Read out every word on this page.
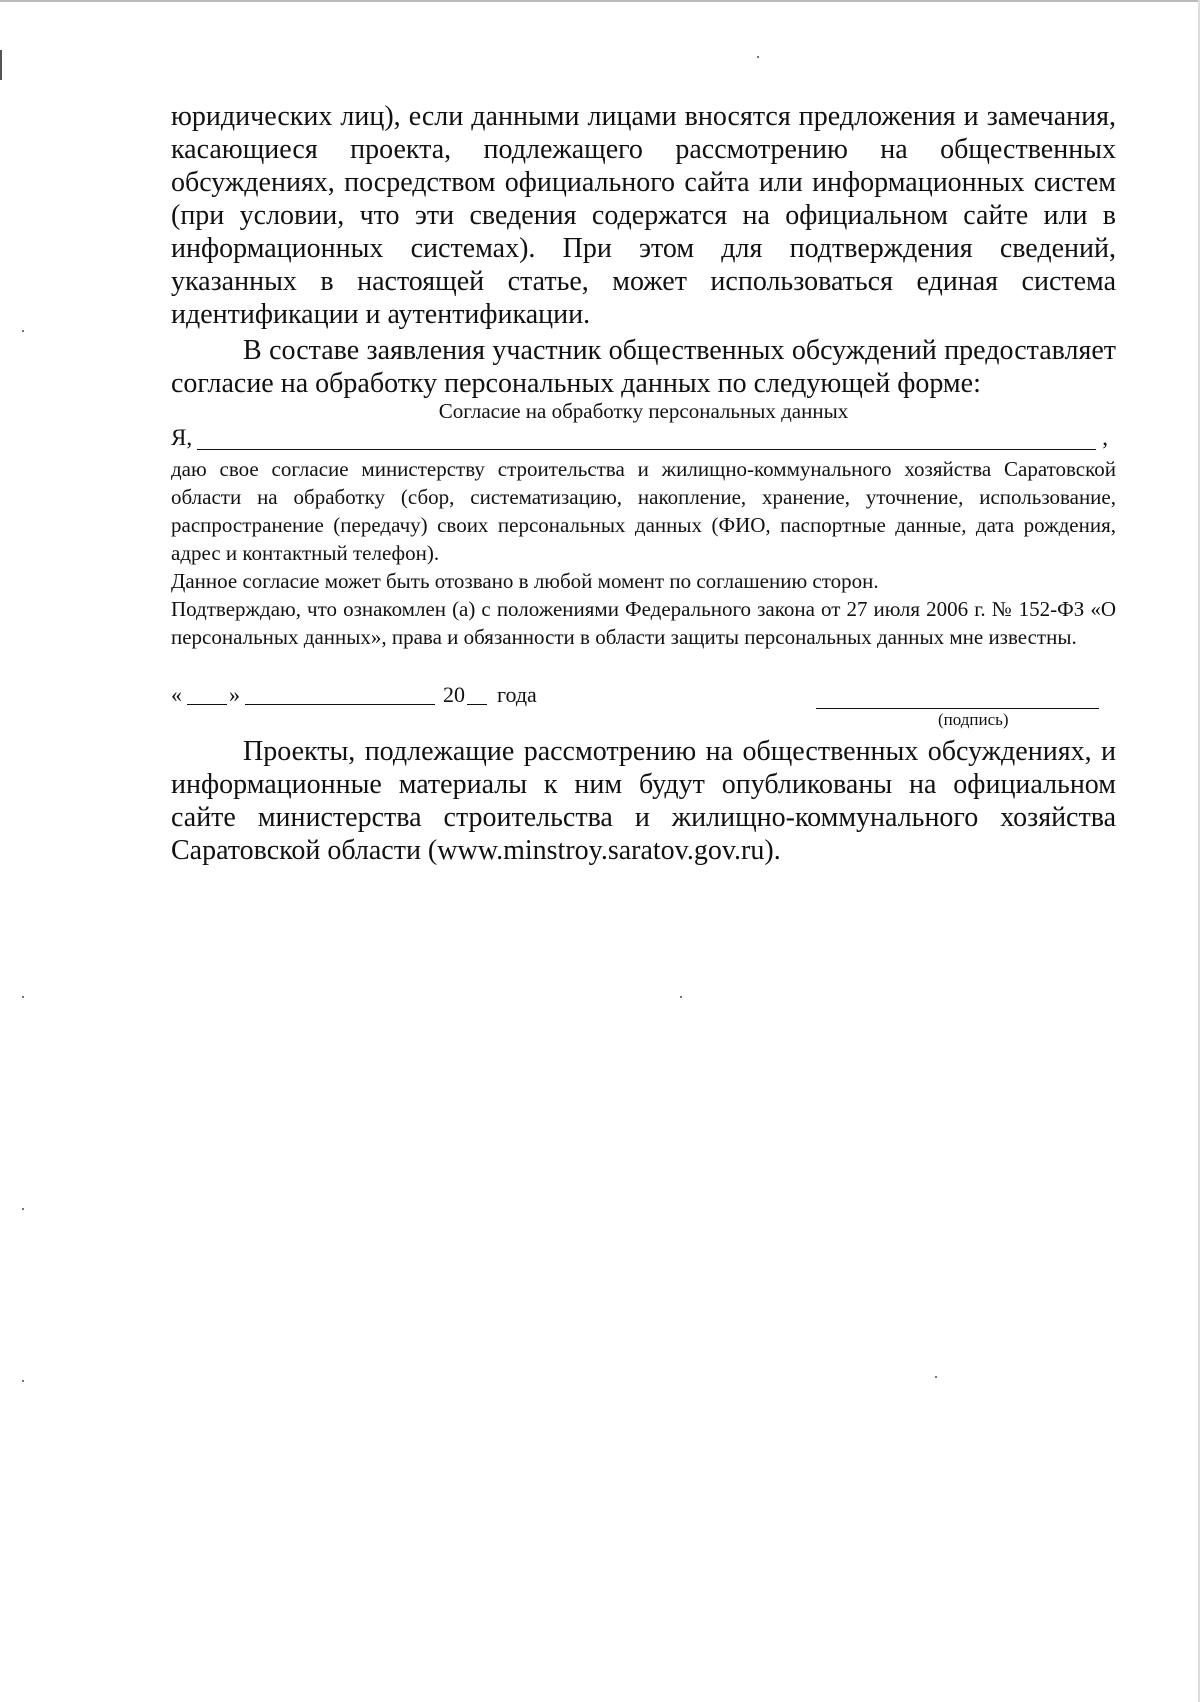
юридических лиц), если данными лицами вносятся предложения и замечания, касающиеся проекта, подлежащего рассмотрению на общественных обсуждениях, посредством официального сайта или информационных систем (при условии, что эти сведения содержатся на официальном сайте или в информационных системах). При этом для подтверждения сведений, указанных в настоящей статье, может использоваться единая система идентификации и аутентификации.

В составе заявления участник общественных обсуждений предоставляет согласие на обработку персональных данных по следующей форме:

Согласие на обработку персональных данных
Я,	,

даю свое согласие министерству строительства и жилищно-коммунального хозяйства Саратовской области на обработку (сбор, систематизацию, накопление, хранение, уточнение, использование, распространение (передачу) своих персональных данных (ФИО, паспортные данные, дата рождения, адрес и контактный телефон).

Данное согласие может быть отозвано в любой момент по соглашению сторон.

Подтверждаю, что ознакомлен (а) с положениями Федерального закона от 27 июля 2006 г. № 152-ФЗ «О персональных данных», права и обязанности в области защиты персональных данных мне известны.

« »	20 года
(подпись)

Проекты, подлежащие рассмотрению на общественных обсуждениях, и информационные материалы к ним будут опубликованы на официальном сайте министерства строительства и жилищно-коммунального хозяйства Саратовской области (www.minstroy.saratov.gov.ru).
